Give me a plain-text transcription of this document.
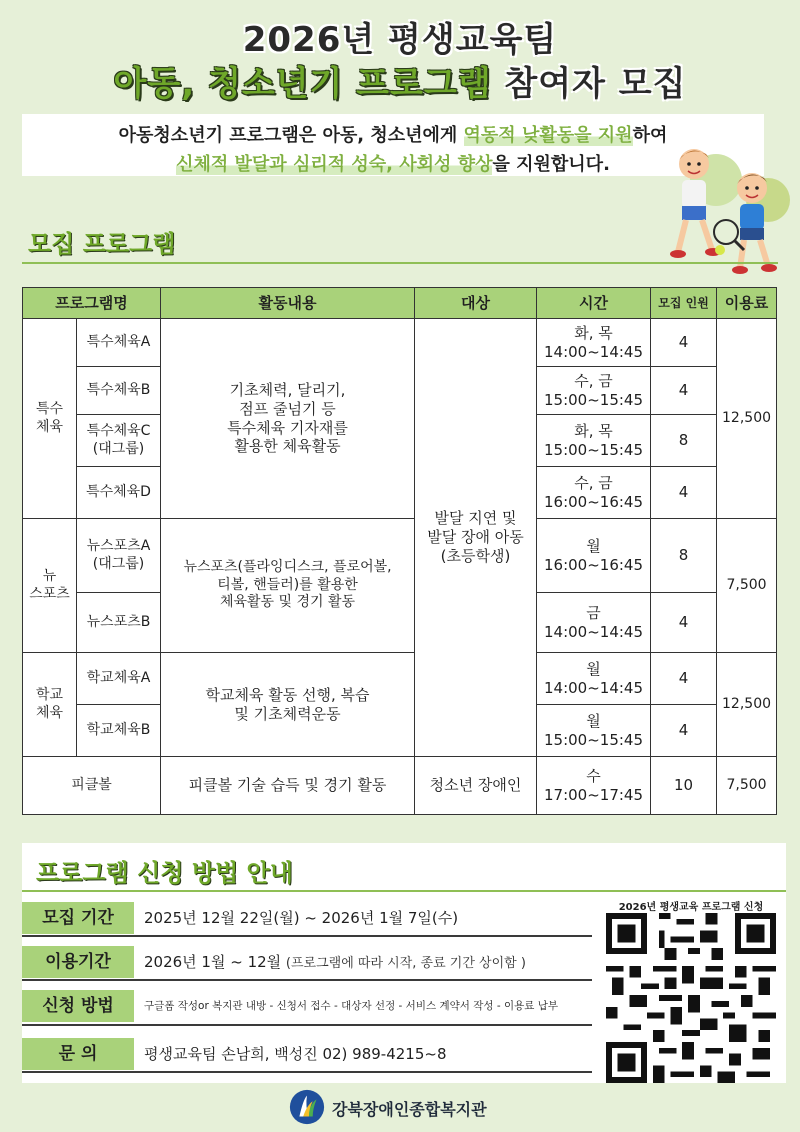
2026년 평생교육팀
아동, 청소년기 프로그램 참여자 모집
아동청소년기 프로그램은 아동, 청소년에게 역동적 낮활동을 지원하여
신체적 발달과 심리적 성숙, 사회성 향상을 지원합니다.
모집 프로그램
프로그램명		활동내용	대상	시간	모집 인원	이용료
특수
체육	특수체육A	기초체력, 달리기,
점프 줄넘기 등
특수체육 기자재를
활용한 체육활동	발달 지연 및
발달 장애 아동
(초등학생)	화, 목
14:00~14:45	4	12,500
	특수체육B			수, 금
15:00~15:45	4	
	특수체육C
(대그룹)			화, 목
15:00~15:45	8	
	특수체육D			수, 금
16:00~16:45	4	
뉴
스포츠	뉴스포츠A
(대그룹)	뉴스포츠(플라잉디스크, 플로어볼,
티볼, 핸들러)를 활용한
체육활동 및 경기 활동		월
16:00~16:45	8	7,500
	뉴스포츠B			금
14:00~14:45	4	
학교
체육	학교체육A	학교체육 활동 선행, 복습
및 기초체력운동		월
14:00~14:45	4	12,500
	학교체육B			월
15:00~15:45	4	
피클볼		피클볼 기술 습득 및 경기 활동	청소년 장애인	수
17:00~17:45	10	7,500
프로그램 신청 방법 안내
모집 기간	2025년 12월 22일(월) ~ 2026년 1월 7일(수)
이용기간	2026년 1월 ~ 12월 (프로그램에 따라 시작, 종료 기간 상이함 )
신청 방법	구글폼 작성or 복지관 내방 - 신청서 접수 - 대상자 선정 - 서비스 계약서 작성 - 이용료 납부
문 의	평생교육팀 손남희, 백성진 02) 989-4215~8
2026년 평생교육 프로그램 신청
강북장애인종합복지관
